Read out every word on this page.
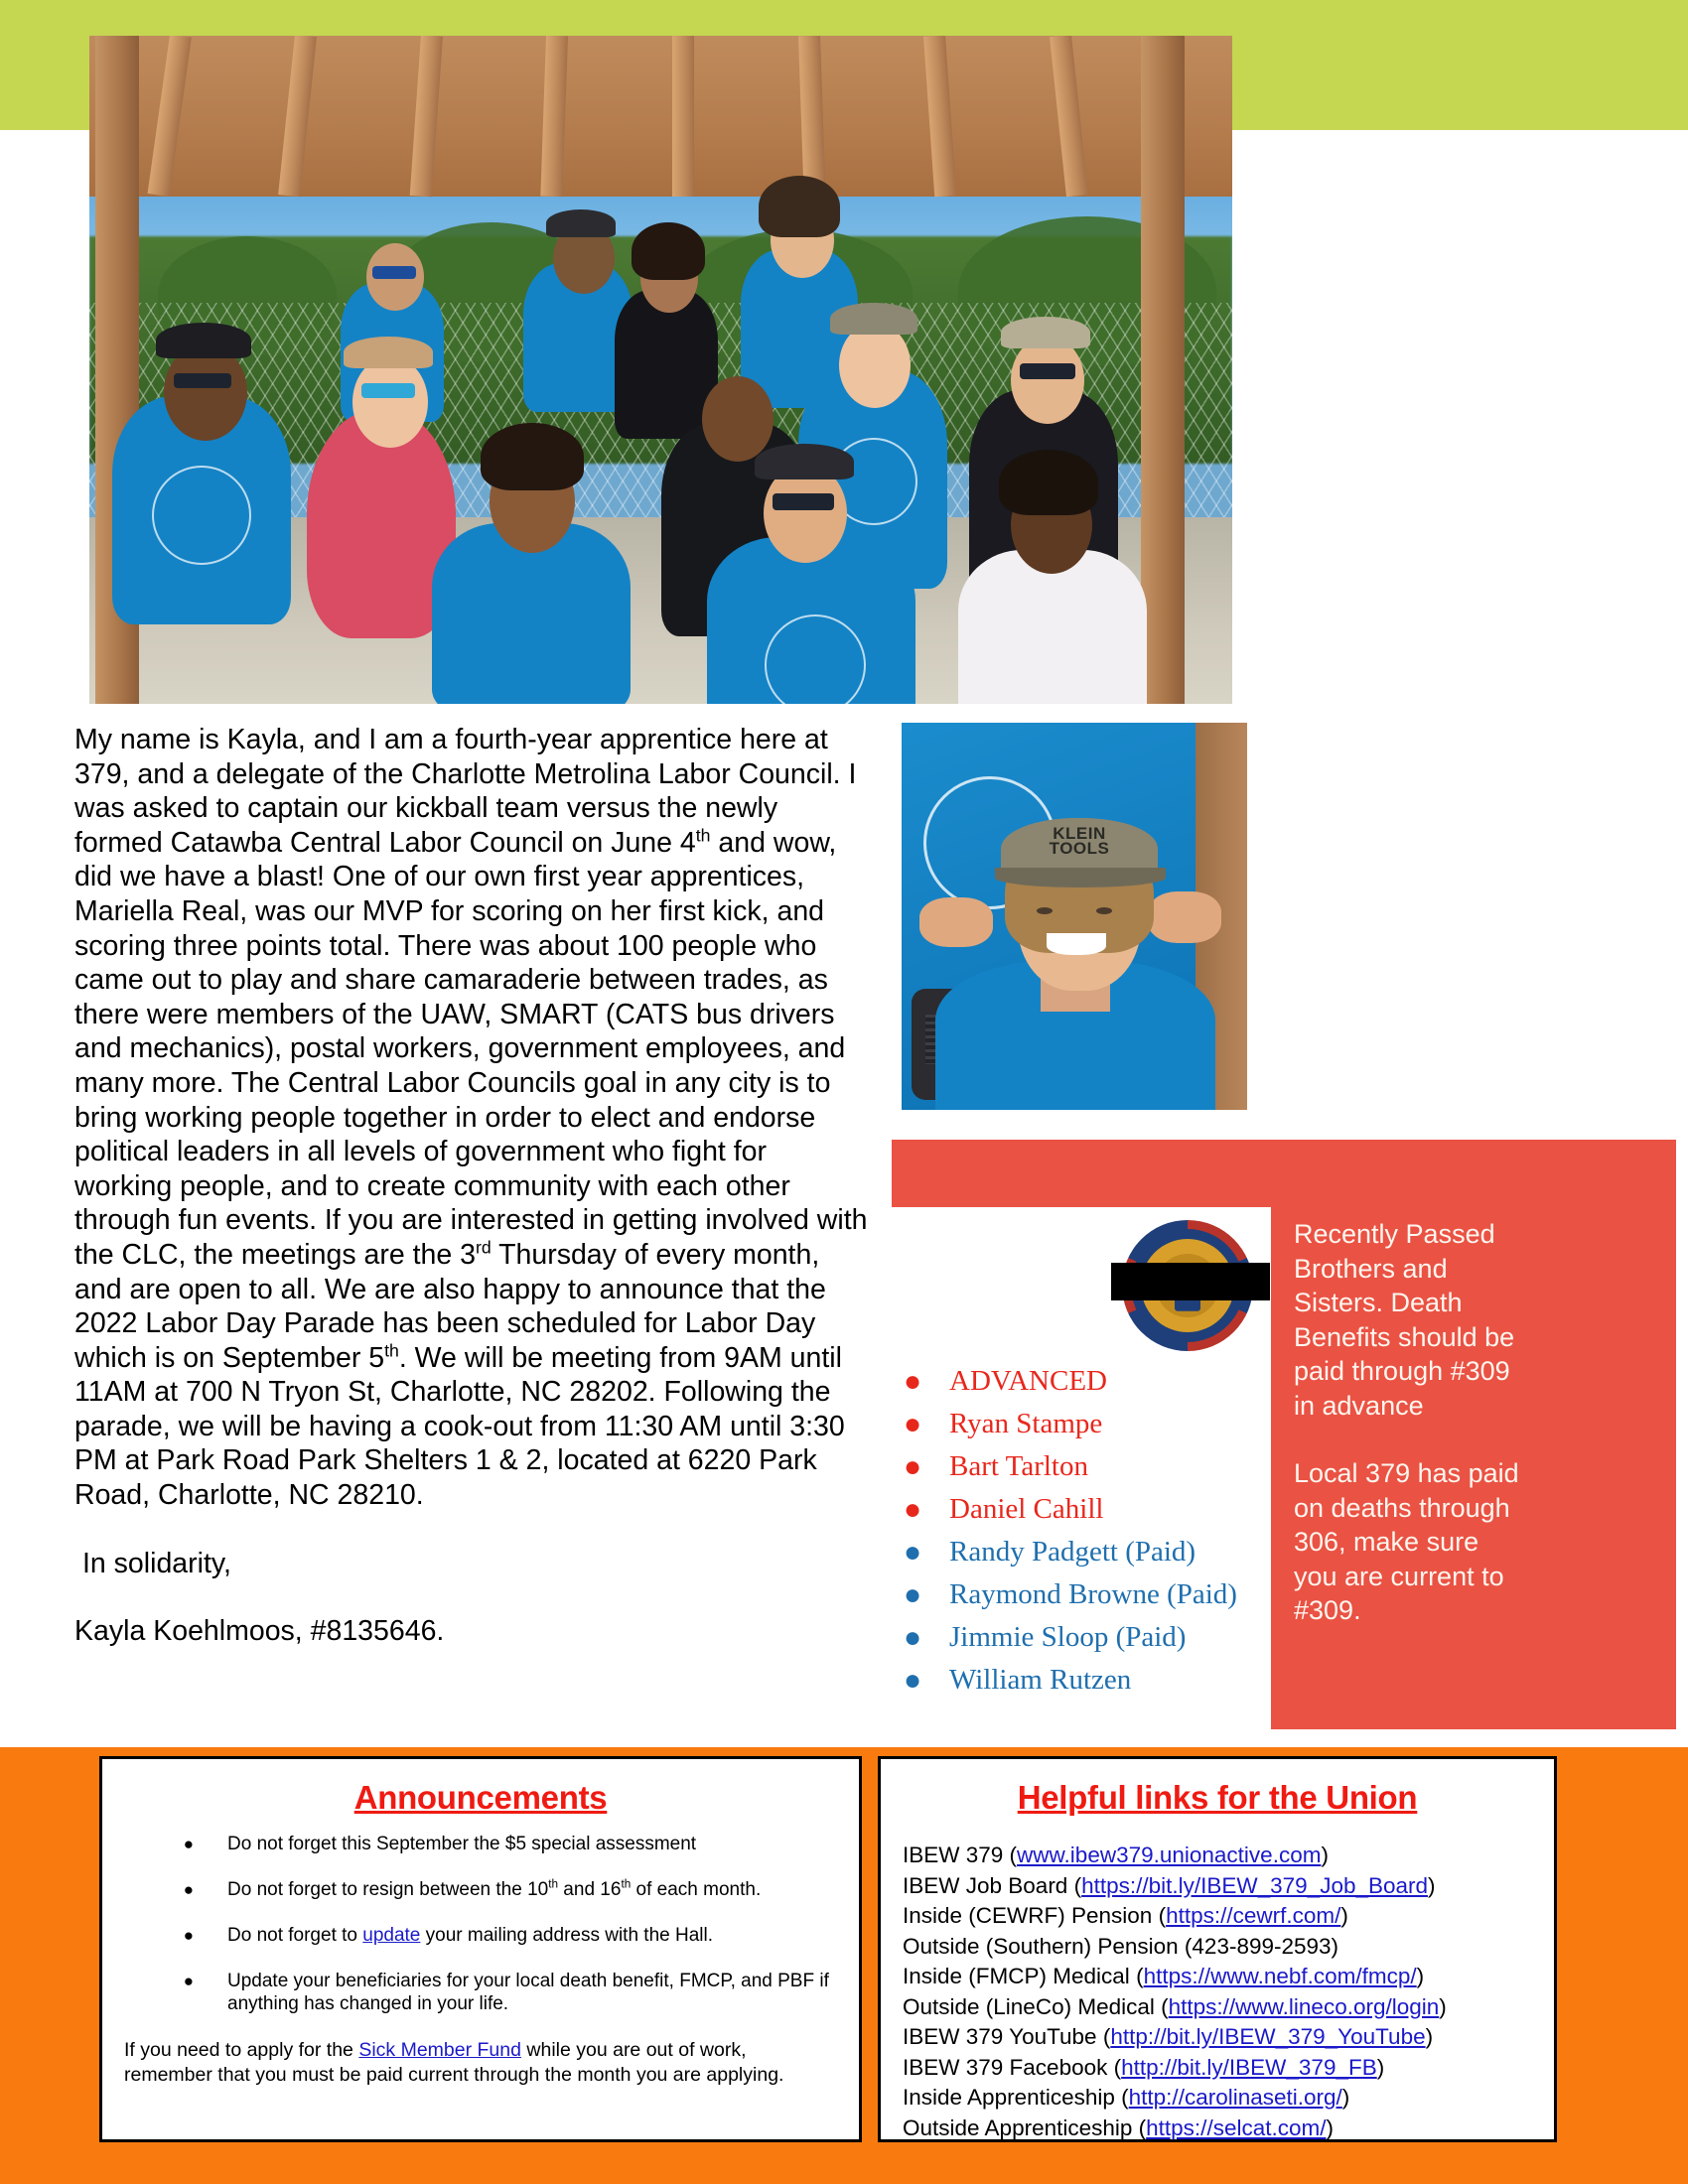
KLEIN
TOOLS

My name is Kayla, and I am a fourth-year apprentice here at 379, and a delegate of the Charlotte Metrolina Labor Council. I was asked to captain our kickball team versus the newly formed Catawba Central Labor Council on June 4th and wow, did we have a blast! One of our own first year apprentices, Mariella Real, was our MVP for scoring on her first kick, and scoring three points total. There was about 100 people who came out to play and share camaraderie between trades, as there were members of the UAW, SMART (CATS bus drivers and mechanics), postal workers, government employees, and many more. The Central Labor Councils goal in any city is to bring working people together in order to elect and endorse political leaders in all levels of government who fight for working people, and to create community with each other through fun events. If you are interested in getting involved with the CLC, the meetings are the 3rd Thursday of every month, and are open to all. We are also happy to announce that the 2022 Labor Day Parade has been scheduled for Labor Day which is on September 5th. We will be meeting from 9AM until 11AM at 700 N Tryon St, Charlotte, NC 28202. Following the parade, we will be having a cook-out from 11:30 AM until 3:30 PM at Park Road Park Shelters 1 & 2, located at 6220 Park Road, Charlotte, NC 28210.

In solidarity,

Kayla Koehlmoos, #8135646.

Recently Passed Brothers and Sisters. Death Benefits should be paid through #309 in advance

Local 379 has paid on deaths through 306, make sure you are current to #309.

● ADVANCED
● Ryan Stampe
● Bart Tarlton
● Daniel Cahill
● Randy Padgett (Paid)
● Raymond Browne (Paid)
● Jimmie Sloop (Paid)
● William Rutzen
Announcements
●	Do not forget this September the $5 special assessment
●	Do not forget to resign between the 10th and 16th of each month.
●	Do not forget to update your mailing address with the Hall.
●	Update your beneficiaries for your local death benefit, FMCP, and PBF if anything has changed in your life.
If you need to apply for the Sick Member Fund while you are out of work, remember that you must be paid current through the month you are applying.
Helpful links for the Union
IBEW 379 (www.ibew379.unionactive.com)
IBEW Job Board (https://bit.ly/IBEW_379_Job_Board)
Inside (CEWRF) Pension (https://cewrf.com/)
Outside (Southern) Pension (423-899-2593)
Inside (FMCP) Medical (https://www.nebf.com/fmcp/)
Outside (LineCo) Medical (https://www.lineco.org/login)
IBEW 379 YouTube (http://bit.ly/IBEW_379_YouTube)
IBEW 379 Facebook (http://bit.ly/IBEW_379_FB)
Inside Apprenticeship (http://carolinaseti.org/)
Outside Apprenticeship (https://selcat.com/)
